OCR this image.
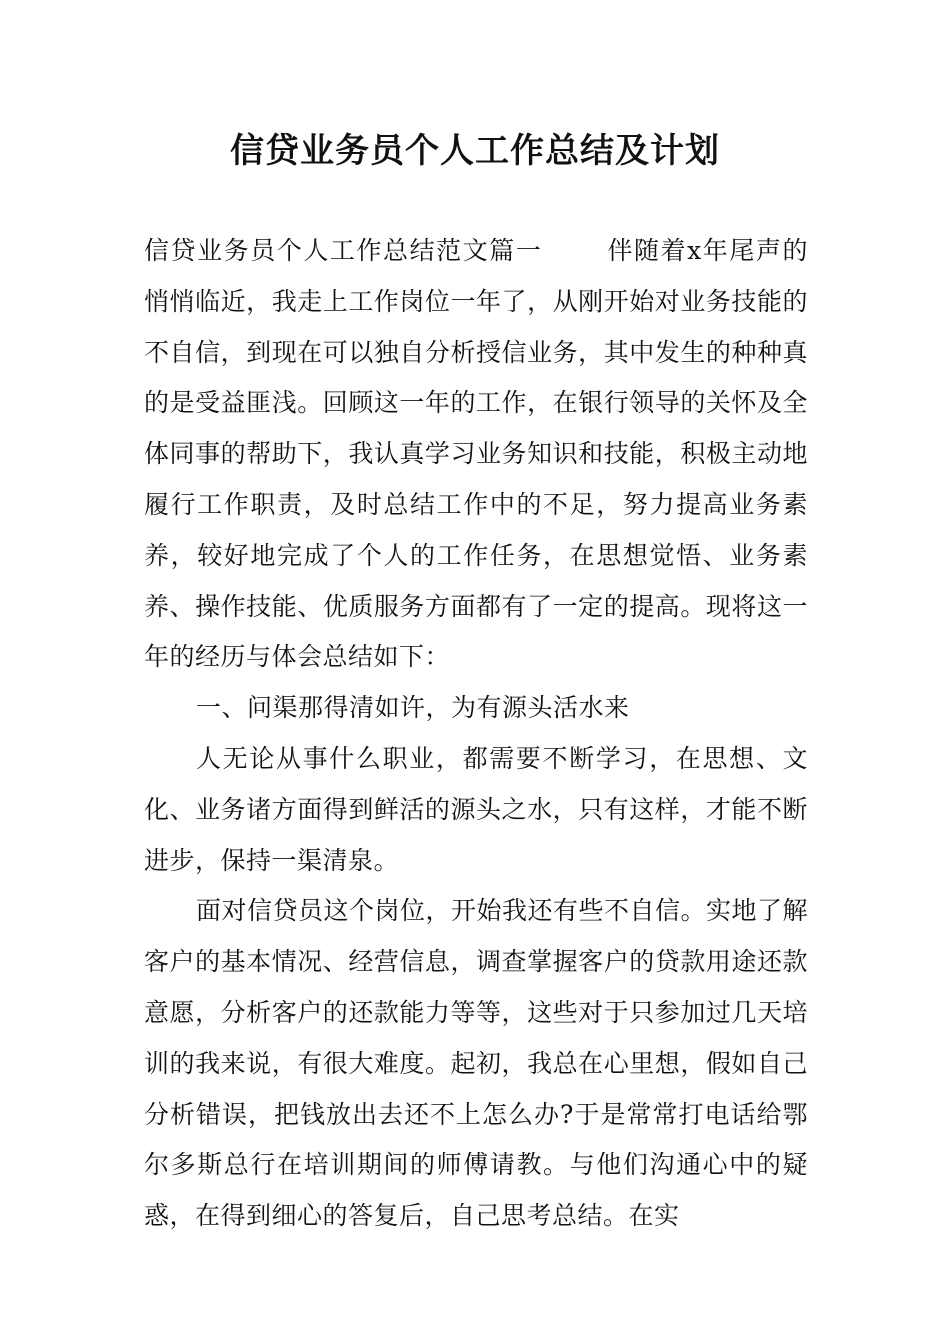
信贷业务员个人工作总结及计划

信贷业务员个人工作总结范文篇一	伴随着x年尾声的悄悄临近，我走上工作岗位一年了，从刚开始对业务技能的不自信，到现在可以独自分析授信业务，其中发生的种种真的是受益匪浅。回顾这一年的工作，在银行领导的关怀及全体同事的帮助下，我认真学习业务知识和技能，积极主动地履行工作职责，及时总结工作中的不足，努力提高业务素养，较好地完成了个人的工作任务，在思想觉悟、业务素养、操作技能、优质服务方面都有了一定的提高。现将这一年的经历与体会总结如下：

一、问渠那得清如许，为有源头活水来

人无论从事什么职业，都需要不断学习，在思想、文化、业务诸方面得到鲜活的源头之水，只有这样，才能不断进步，保持一渠清泉。

面对信贷员这个岗位，开始我还有些不自信。实地了解客户的基本情况、经营信息，调查掌握客户的贷款用途还款意愿，分析客户的还款能力等等，这些对于只参加过几天培训的我来说，有很大难度。起初，我总在心里想，假如自己分析错误，把钱放出去还不上怎么办?于是常常打电话给鄂尔多斯总行在培训期间的师傅请教。与他们沟通心中的疑惑，在得到细心的答复后，自己思考总结。在实
